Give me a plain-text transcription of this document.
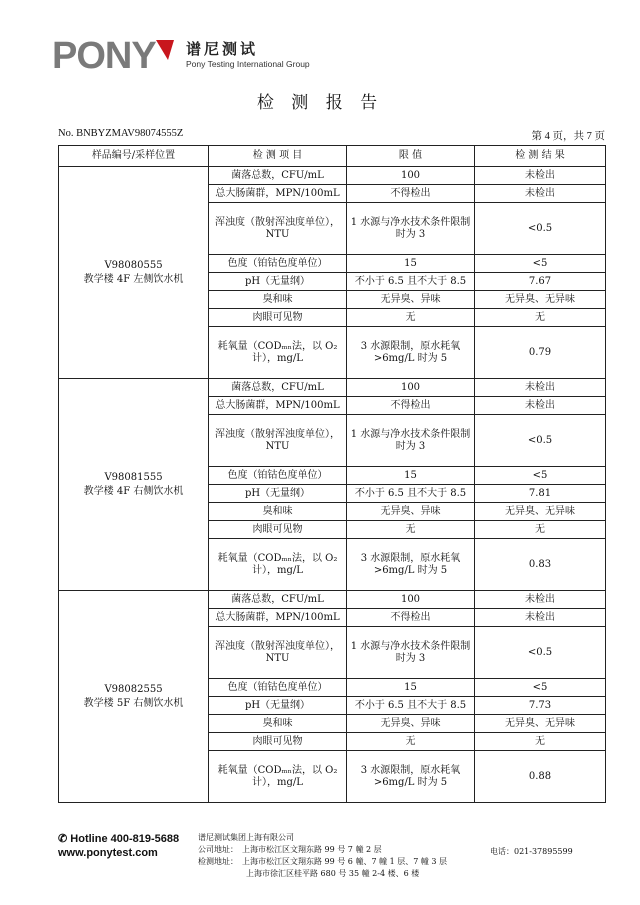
PONY 谱尼测试
Pony Testing International Group
检 测 报 告
No. BNBYZMAV98074555Z	第 4 页，共 7 页
样品编号/采样位置	检 测 项 目	限 值	检 测 结 果

V98080555
教学楼 4F 左侧饮水机	菌落总数，CFU/mL	100	未检出
	总大肠菌群，MPN/100mL	不得检出	未检出
	浑浊度（散射浑浊度单位），NTU	1 水源与净水技术条件限制时为 3	<0.5
	色度（铂钴色度单位）	15	<5
	pH（无量纲）	不小于 6.5 且不大于 8.5	7.67
	臭和味	无异臭、异味	无异臭、无异味
	肉眼可见物	无	无
	耗氧量（CODₘₙ法，以 O₂计），mg/L	3 水源限制，原水耗氧>6mg/L 时为 5	0.79

V98081555
教学楼 4F 右侧饮水机	菌落总数，CFU/mL	100	未检出
	总大肠菌群，MPN/100mL	不得检出	未检出
	浑浊度（散射浑浊度单位），NTU	1 水源与净水技术条件限制时为 3	<0.5
	色度（铂钴色度单位）	15	<5
	pH（无量纲）	不小于 6.5 且不大于 8.5	7.81
	臭和味	无异臭、异味	无异臭、无异味
	肉眼可见物	无	无
	耗氧量（CODₘₙ法，以 O₂计），mg/L	3 水源限制，原水耗氧>6mg/L 时为 5	0.83

V98082555
教学楼 5F 右侧饮水机	菌落总数，CFU/mL	100	未检出
	总大肠菌群，MPN/100mL	不得检出	未检出
	浑浊度（散射浑浊度单位），NTU	1 水源与净水技术条件限制时为 3	<0.5
	色度（铂钴色度单位）	15	<5
	pH（无量纲）	不小于 6.5 且不大于 8.5	7.73
	臭和味	无异臭、异味	无异臭、无异味
	肉眼可见物	无	无
	耗氧量（CODₘₙ法，以 O₂计），mg/L	3 水源限制，原水耗氧>6mg/L 时为 5	0.88
✆ Hotline 400-819-5688
www.ponytest.com
谱尼测试集团上海有限公司
公司地址：　上海市松江区文翔东路 99 号 7 幢 2 层
检测地址：　上海市松江区文翔东路 99 号 6 幢、7 幢 1 层、7 幢 3 层
上海市徐汇区桂平路 680 号 35 幢 2-4 楼、6 楼
电话：021-37895599
